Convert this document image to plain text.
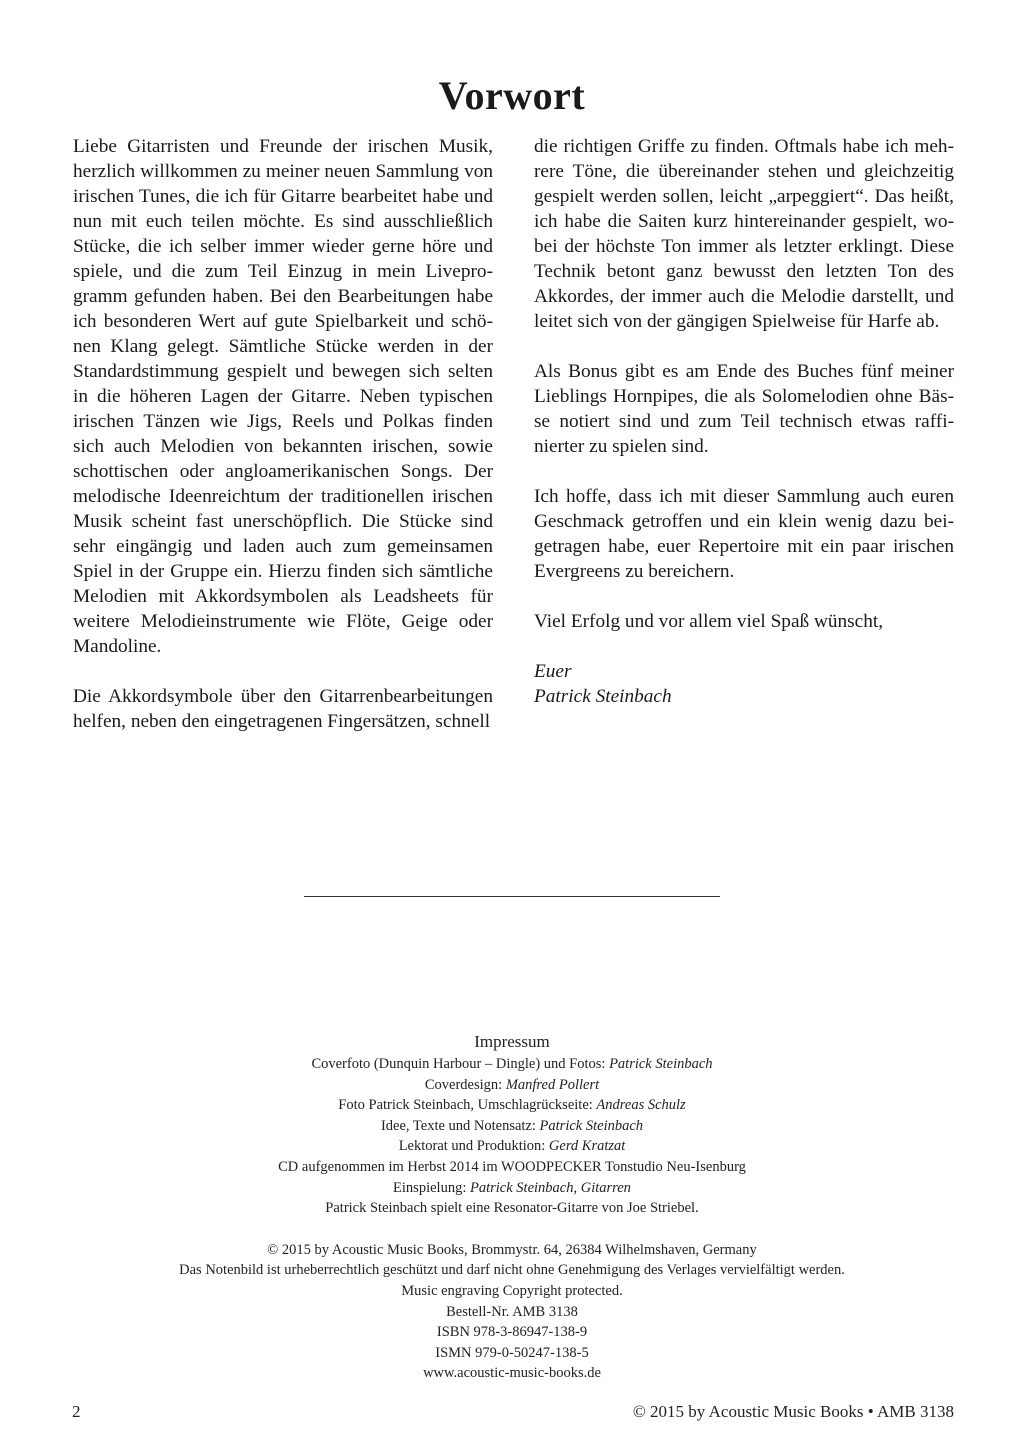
Vorwort

Liebe Gitarristen und Freunde der irischen Musik, herzlich willkommen zu meiner neuen Sammlung von irischen Tunes, die ich für Gitarre bearbeitet habe und nun mit euch teilen möchte. Es sind ausschließlich Stücke, die ich selber immer wieder gerne höre und spiele, und die zum Teil Einzug in mein Liveprogramm gefunden haben. Bei den Bearbeitungen habe ich besonderen Wert auf gute Spielbarkeit und schönen Klang gelegt. Sämtliche Stücke werden in der Standardstimmung gespielt und bewegen sich selten in die höheren Lagen der Gitarre. Neben typischen irischen Tänzen wie Jigs, Reels und Polkas finden sich auch Melodien von bekannten irischen, sowie schottischen oder angloamerikanischen Songs. Der melodische Ideenreichtum der traditionellen irischen Musik scheint fast unerschöpflich. Die Stücke sind sehr eingängig und laden auch zum gemeinsamen Spiel in der Gruppe ein. Hierzu finden sich sämtliche Melodien mit Akkordsymbolen als Leadsheets für weitere Melodieinstrumente wie Flöte, Geige oder Mandoline.

Die Akkordsymbole über den Gitarrenbearbeitungen helfen, neben den eingetragenen Fingersätzen, schnell

die richtigen Griffe zu finden. Oftmals habe ich mehrere Töne, die übereinander stehen und gleichzeitig gespielt werden sollen, leicht „arpeggiert“. Das heißt, ich habe die Saiten kurz hintereinander gespielt, wobei der höchste Ton immer als letzter erklingt. Diese Technik betont ganz bewusst den letzten Ton des Akkordes, der immer auch die Melodie darstellt, und leitet sich von der gängigen Spielweise für Harfe ab.

Als Bonus gibt es am Ende des Buches fünf meiner Lieblings Hornpipes, die als Solomelodien ohne Bässe notiert sind und zum Teil technisch etwas raffinierter zu spielen sind.

Ich hoffe, dass ich mit dieser Sammlung auch euren Geschmack getroffen und ein klein wenig dazu beigetragen habe, euer Repertoire mit ein paar irischen Evergreens zu bereichern.

Viel Erfolg und vor allem viel Spaß wünscht,

Euer
Patrick Steinbach

Impressum
Coverfoto (Dunquin Harbour – Dingle) und Fotos: Patrick Steinbach
Coverdesign: Manfred Pollert
Foto Patrick Steinbach, Umschlagrückseite: Andreas Schulz
Idee, Texte und Notensatz: Patrick Steinbach
Lektorat und Produktion: Gerd Kratzat
CD aufgenommen im Herbst 2014 im WOODPECKER Tonstudio Neu-Isenburg
Einspielung: Patrick Steinbach, Gitarren
Patrick Steinbach spielt eine Resonator-Gitarre von Joe Striebel.
© 2015 by Acoustic Music Books, Brommystr. 64, 26384 Wilhelmshaven, Germany
Das Notenbild ist urheberrechtlich geschützt und darf nicht ohne Genehmigung des Verlages vervielfältigt werden.
Music engraving Copyright protected.
Bestell-Nr. AMB 3138
ISBN 978-3-86947-138-9
ISMN 979-0-50247-138-5
www.acoustic-music-books.de
2	© 2015 by Acoustic Music Books • AMB 3138
